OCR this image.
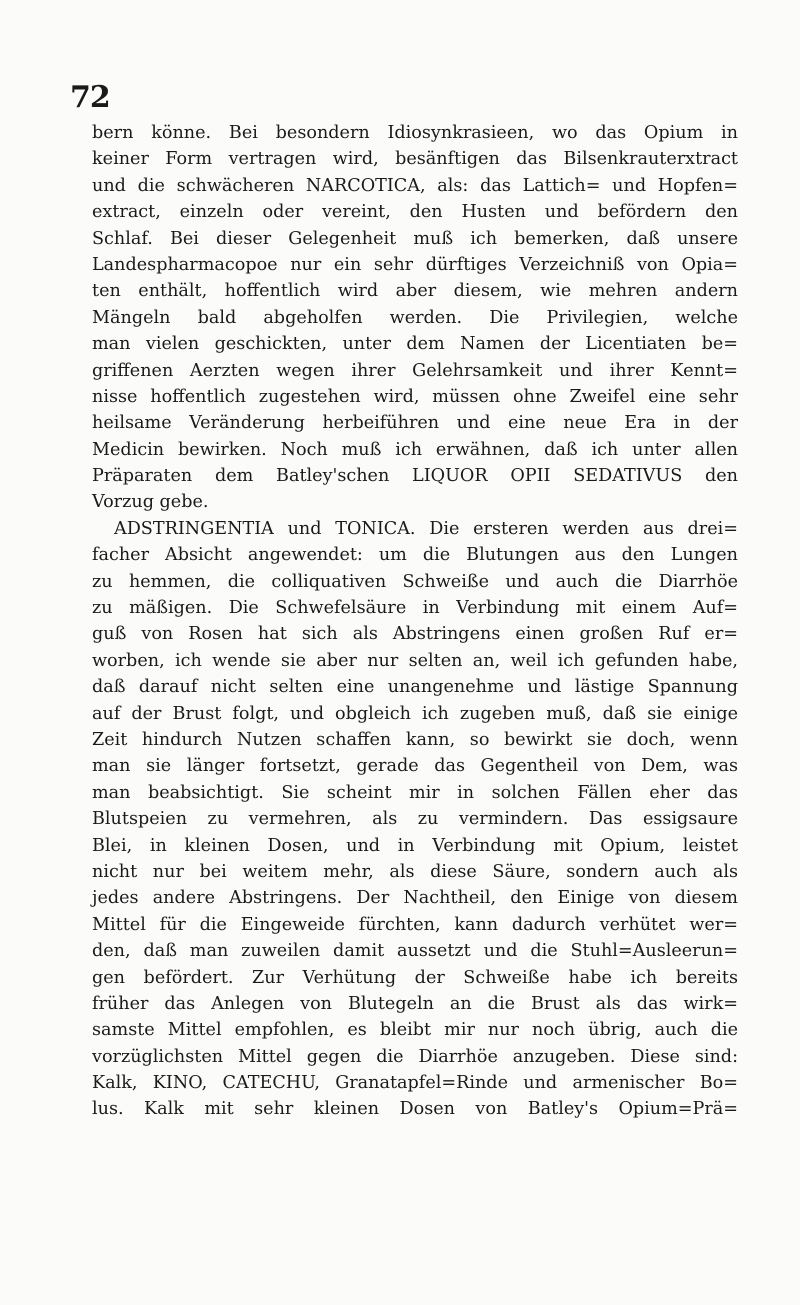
72
bern könne. Bei besondern Idiosynkrasieen, wo das Opium in
keiner Form vertragen wird, besänftigen das Bilsenkrauterxtract
und die schwächeren NARCOTICA, als: das Lattich= und Hopfen=
extract, einzeln oder vereint, den Husten und befördern den
Schlaf. Bei dieser Gelegenheit muß ich bemerken, daß unsere
Landespharmacopoe nur ein sehr dürftiges Verzeichniß von Opia=
ten enthält, hoffentlich wird aber diesem, wie mehren andern
Mängeln bald abgeholfen werden. Die Privilegien, welche
man vielen geschickten, unter dem Namen der Licentiaten be=
griffenen Aerzten wegen ihrer Gelehrsamkeit und ihrer Kennt=
nisse hoffentlich zugestehen wird, müssen ohne Zweifel eine sehr
heilsame Veränderung herbeiführen und eine neue Era in der
Medicin bewirken. Noch muß ich erwähnen, daß ich unter allen
Präparaten dem Batley'schen LIQUOR OPII SEDATIVUS den
Vorzug gebe.
ADSTRINGENTIA und TONICA. Die ersteren werden aus drei=
facher Absicht angewendet: um die Blutungen aus den Lungen
zu hemmen, die colliquativen Schweiße und auch die Diarrhöe
zu mäßigen. Die Schwefelsäure in Verbindung mit einem Auf=
guß von Rosen hat sich als Abstringens einen großen Ruf er=
worben, ich wende sie aber nur selten an, weil ich gefunden habe,
daß darauf nicht selten eine unangenehme und lästige Spannung
auf der Brust folgt, und obgleich ich zugeben muß, daß sie einige
Zeit hindurch Nutzen schaffen kann, so bewirkt sie doch, wenn
man sie länger fortsetzt, gerade das Gegentheil von Dem, was
man beabsichtigt. Sie scheint mir in solchen Fällen eher das
Blutspeien zu vermehren, als zu vermindern. Das essigsaure
Blei, in kleinen Dosen, und in Verbindung mit Opium, leistet
nicht nur bei weitem mehr, als diese Säure, sondern auch als
jedes andere Abstringens. Der Nachtheil, den Einige von diesem
Mittel für die Eingeweide fürchten, kann dadurch verhütet wer=
den, daß man zuweilen damit aussetzt und die Stuhl=Ausleerun=
gen befördert. Zur Verhütung der Schweiße habe ich bereits
früher das Anlegen von Blutegeln an die Brust als das wirk=
samste Mittel empfohlen, es bleibt mir nur noch übrig, auch die
vorzüglichsten Mittel gegen die Diarrhöe anzugeben. Diese sind:
Kalk, KINO, CATECHU, Granatapfel=Rinde und armenischer Bo=
lus. Kalk mit sehr kleinen Dosen von Batley's Opium=Prä=
